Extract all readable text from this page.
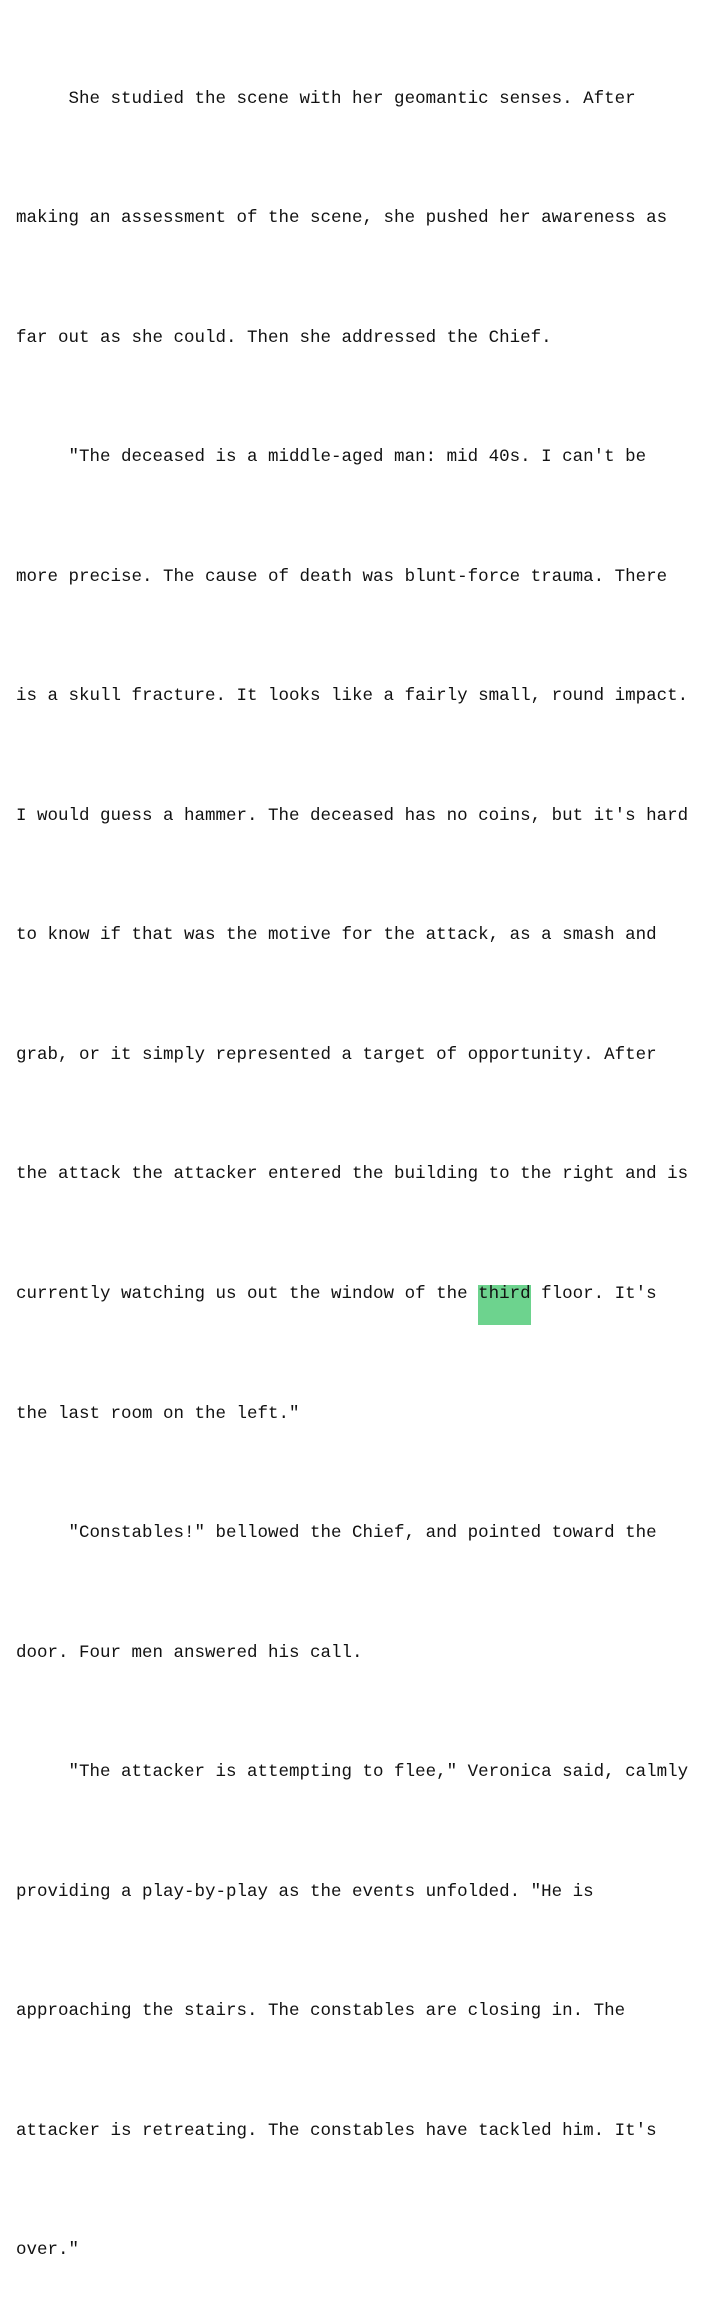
She studied the scene with her geomantic senses. After

making an assessment of the scene, she pushed her awareness as

far out as she could. Then she addressed the Chief.

"The deceased is a middle-aged man: mid 40s. I can't be

more precise. The cause of death was blunt-force trauma. There

is a skull fracture. It looks like a fairly small, round impact.

I would guess a hammer. The deceased has no coins, but it's hard

to know if that was the motive for the attack, as a smash and

grab, or it simply represented a target of opportunity. After

the attack the attacker entered the building to the right and is

currently watching us out the window of the third floor. It's

the last room on the left."

"Constables!" bellowed the Chief, and pointed toward the

door. Four men answered his call.

"The attacker is attempting to flee," Veronica said, calmly

providing a play-by-play as the events unfolded. "He is

approaching the stairs. The constables are closing in. The

attacker is retreating. The constables have tackled him. It's

over."
